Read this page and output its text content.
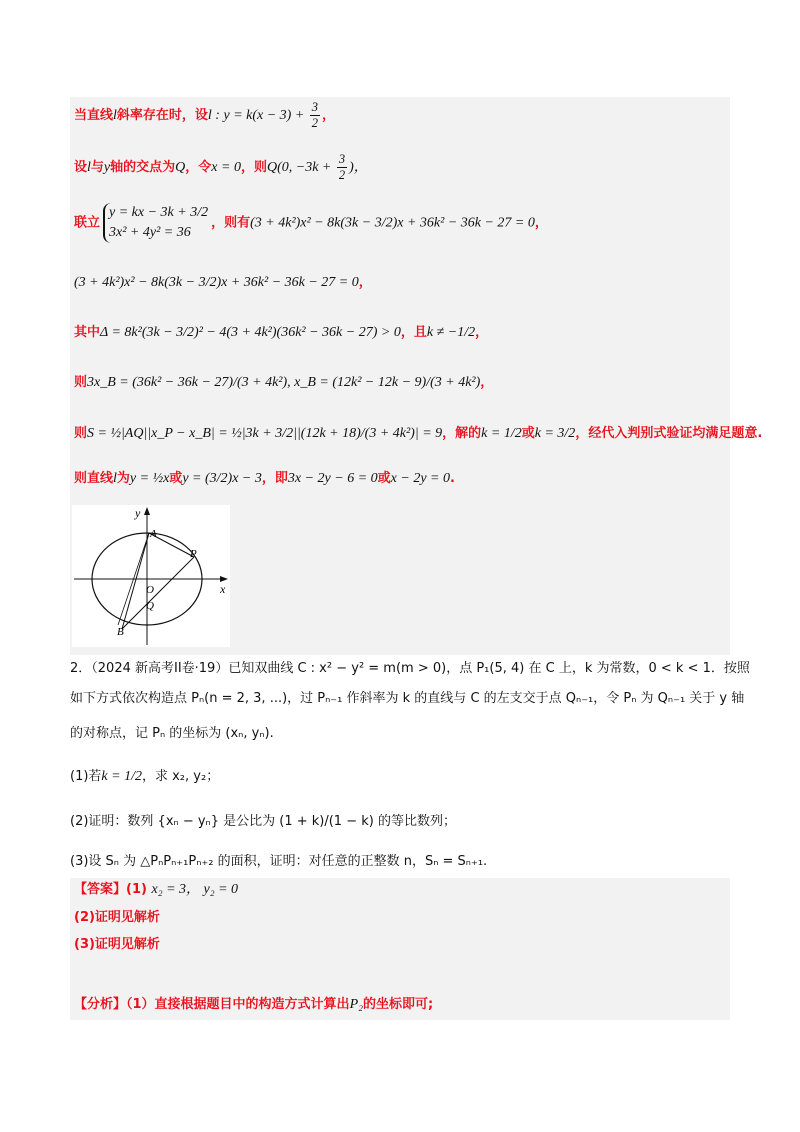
当直线l斜率存在时，设l : $y = k(x - 3) + \frac{3}{2}$ ，
设l与y轴的交点为Q，令x = 0，则Q(0, $-3k + \frac{3}{2}$ )，
联立
y = kx − 3k + 3/2
3x² + 4y² = 36
，则有(3 + 4k²)x² − 8k(3k − 3/2)x + 36k² − 36k − 27 = 0，
(3 + 4k²)x² − 8k(3k − 3/2)x + 36k² − 36k − 27 = 0，
其中Δ = 8k²(3k − 3/2)² − 4(3 + 4k²)(36k² − 36k − 27) > 0，且k ≠ −1/2，
则3x_B = (36k² − 36k − 27)/(3 + 4k²), x_B = (12k² − 12k − 9)/(3 + 4k²)，
则S = ½|AQ||x_P − x_B| = ½|3k + 3/2||(12k + 18)/(3 + 4k²)| = 9，解的k = 1/2或k = 3/2，经代入判别式验证均满足题意.
则直线l为y = ½x或y = (3/2)x − 3，即3x − 2y − 6 = 0或x − 2y = 0.
y
x
A
P
O
Q
B
2．（2024 新高考II卷·19）已知双曲线 C : x² − y² = m(m > 0)，点 P₁(5, 4) 在 C 上，k 为常数，0 < k < 1．按照
如下方式依次构造点 Pₙ(n = 2, 3, ...)，过 Pₙ₋₁ 作斜率为 k 的直线与 C 的左支交于点 Qₙ₋₁，令 Pₙ 为 Qₙ₋₁ 关于 y 轴
的对称点，记 Pₙ 的坐标为 (xₙ, yₙ).
(1)若k = 1/2，求 x₂, y₂；
(2)证明：数列 {xₙ − yₙ} 是公比为 (1 + k)/(1 − k) 的等比数列；
(3)设 Sₙ 为 △PₙPₙ₊₁Pₙ₊₂ 的面积，证明：对任意的正整数 n，Sₙ = Sₙ₊₁.
【答案】(1) x₂ = 3， y₂ = 0
(2)证明见解析
(3)证明见解析
【分析】（1）直接根据题目中的构造方式计算出P₂的坐标即可;
